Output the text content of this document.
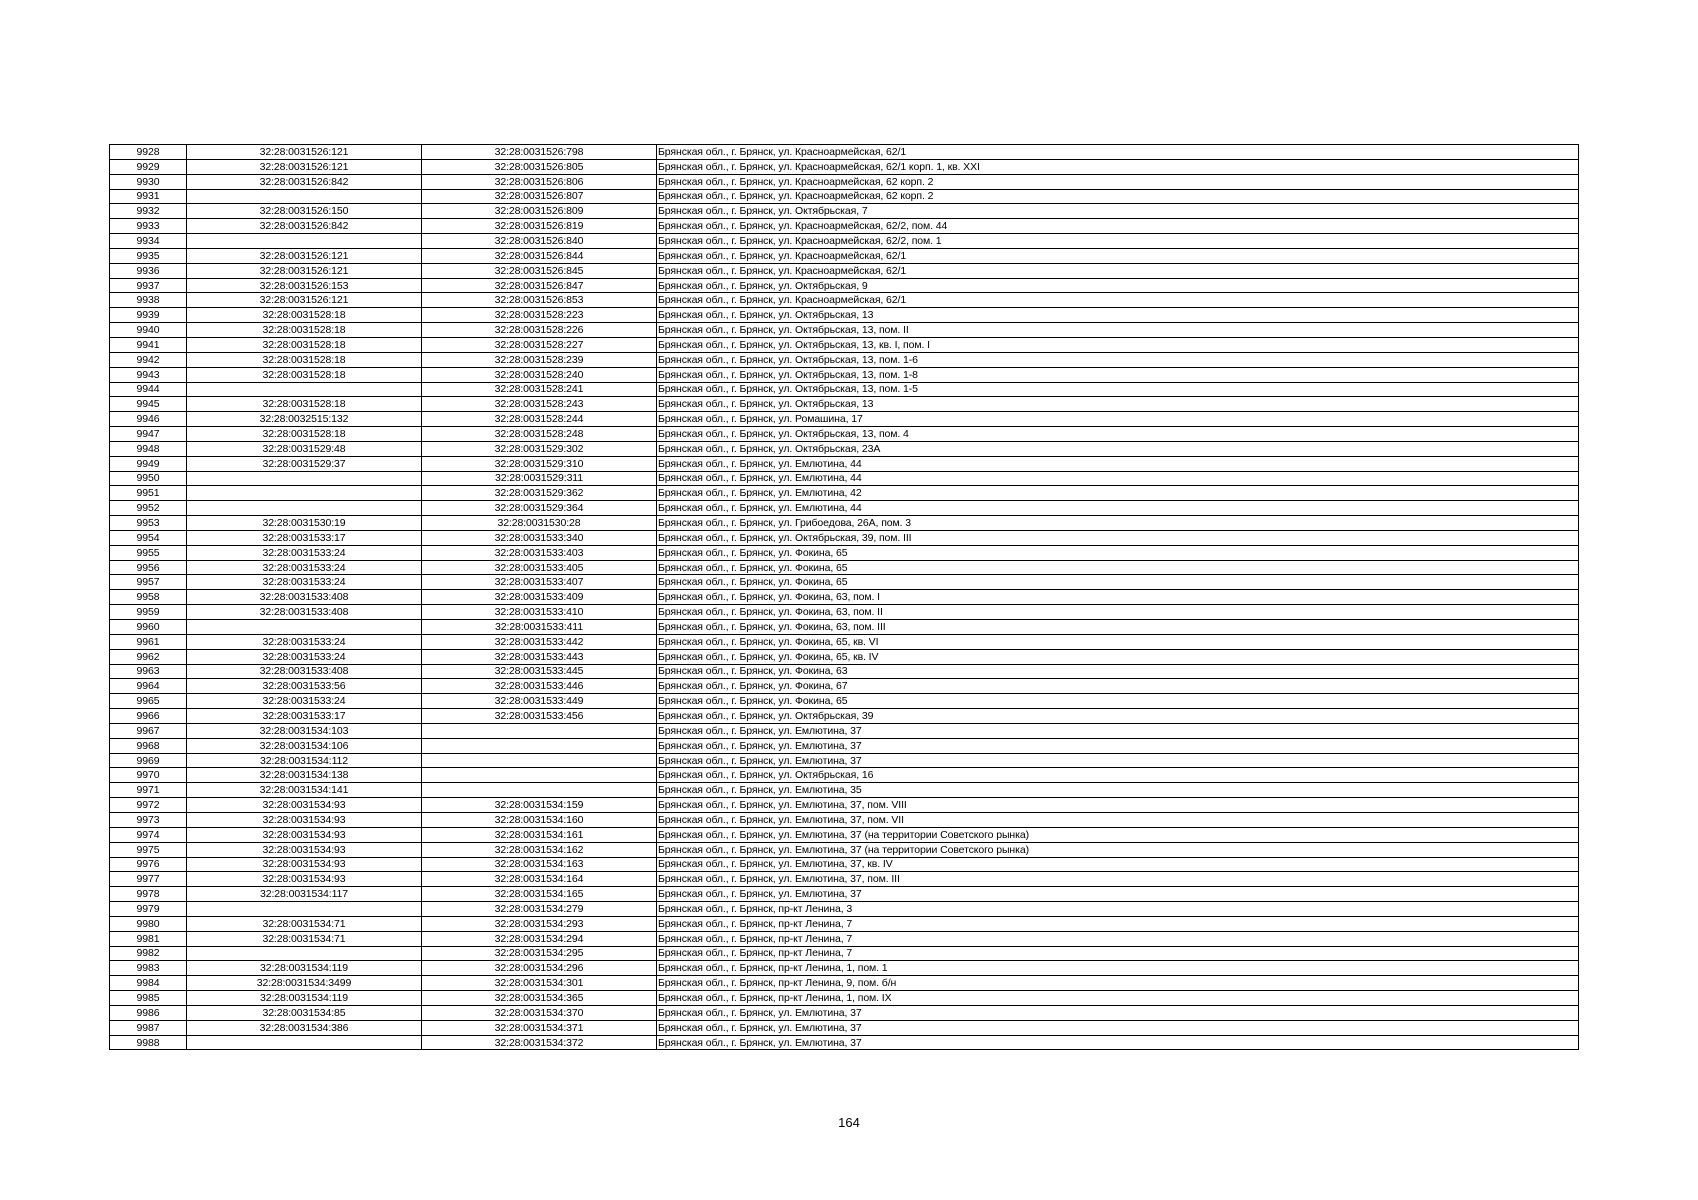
9928	32:28:0031526:121	32:28:0031526:798	Брянская обл., г. Брянск, ул. Красноармейская, 62/1
9929	32:28:0031526:121	32:28:0031526:805	Брянская обл., г. Брянск, ул. Красноармейская, 62/1 корп. 1, кв. XXI
9930	32:28:0031526:842	32:28:0031526:806	Брянская обл., г. Брянск, ул. Красноармейская, 62 корп. 2
9931		32:28:0031526:807	Брянская обл., г. Брянск, ул. Красноармейская, 62 корп. 2
9932	32:28:0031526:150	32:28:0031526:809	Брянская обл., г. Брянск, ул. Октябрьская, 7
9933	32:28:0031526:842	32:28:0031526:819	Брянская обл., г. Брянск, ул. Красноармейская, 62/2, пом. 44
9934		32:28:0031526:840	Брянская обл., г. Брянск, ул. Красноармейская, 62/2, пом. 1
9935	32:28:0031526:121	32:28:0031526:844	Брянская обл., г. Брянск, ул. Красноармейская, 62/1
9936	32:28:0031526:121	32:28:0031526:845	Брянская обл., г. Брянск, ул. Красноармейская, 62/1
9937	32:28:0031526:153	32:28:0031526:847	Брянская обл., г. Брянск, ул. Октябрьская, 9
9938	32:28:0031526:121	32:28:0031526:853	Брянская обл., г. Брянск, ул. Красноармейская, 62/1
9939	32:28:0031528:18	32:28:0031528:223	Брянская обл., г. Брянск, ул. Октябрьская, 13
9940	32:28:0031528:18	32:28:0031528:226	Брянская обл., г. Брянск, ул. Октябрьская, 13, пом. II
9941	32:28:0031528:18	32:28:0031528:227	Брянская обл., г. Брянск, ул. Октябрьская, 13, кв. I, пом. I
9942	32:28:0031528:18	32:28:0031528:239	Брянская обл., г. Брянск, ул. Октябрьская, 13, пом. 1-6
9943	32:28:0031528:18	32:28:0031528:240	Брянская обл., г. Брянск, ул. Октябрьская, 13, пом. 1-8
9944		32:28:0031528:241	Брянская обл., г. Брянск, ул. Октябрьская, 13, пом. 1-5
9945	32:28:0031528:18	32:28:0031528:243	Брянская обл., г. Брянск, ул. Октябрьская, 13
9946	32:28:0032515:132	32:28:0031528:244	Брянская обл., г. Брянск, ул. Ромашина, 17
9947	32:28:0031528:18	32:28:0031528:248	Брянская обл., г. Брянск, ул. Октябрьская, 13, пом. 4
9948	32:28:0031529:48	32:28:0031529:302	Брянская обл., г. Брянск, ул. Октябрьская, 23А
9949	32:28:0031529:37	32:28:0031529:310	Брянская обл., г. Брянск, ул. Емлютина, 44
9950		32:28:0031529:311	Брянская обл., г. Брянск, ул. Емлютина, 44
9951		32:28:0031529:362	Брянская обл., г. Брянск, ул. Емлютина, 42
9952		32:28:0031529:364	Брянская обл., г. Брянск, ул. Емлютина, 44
9953	32:28:0031530:19	32:28:0031530:28	Брянская обл., г. Брянск, ул. Грибоедова, 26А, пом. 3
9954	32:28:0031533:17	32:28:0031533:340	Брянская обл., г. Брянск, ул. Октябрьская, 39, пом. III
9955	32:28:0031533:24	32:28:0031533:403	Брянская обл., г. Брянск, ул. Фокина, 65
9956	32:28:0031533:24	32:28:0031533:405	Брянская обл., г. Брянск, ул. Фокина, 65
9957	32:28:0031533:24	32:28:0031533:407	Брянская обл., г. Брянск, ул. Фокина, 65
9958	32:28:0031533:408	32:28:0031533:409	Брянская обл., г. Брянск, ул. Фокина, 63, пом. I
9959	32:28:0031533:408	32:28:0031533:410	Брянская обл., г. Брянск, ул. Фокина, 63, пом. II
9960		32:28:0031533:411	Брянская обл., г. Брянск, ул. Фокина, 63, пом. III
9961	32:28:0031533:24	32:28:0031533:442	Брянская обл., г. Брянск, ул. Фокина, 65, кв. VI
9962	32:28:0031533:24	32:28:0031533:443	Брянская обл., г. Брянск, ул. Фокина, 65, кв. IV
9963	32:28:0031533:408	32:28:0031533:445	Брянская обл., г. Брянск, ул. Фокина, 63
9964	32:28:0031533:56	32:28:0031533:446	Брянская обл., г. Брянск, ул. Фокина, 67
9965	32:28:0031533:24	32:28:0031533:449	Брянская обл., г. Брянск, ул. Фокина, 65
9966	32:28:0031533:17	32:28:0031533:456	Брянская обл., г. Брянск, ул. Октябрьская, 39
9967	32:28:0031534:103		Брянская обл., г. Брянск, ул. Емлютина, 37
9968	32:28:0031534:106		Брянская обл., г. Брянск, ул. Емлютина, 37
9969	32:28:0031534:112		Брянская обл., г. Брянск, ул. Емлютина, 37
9970	32:28:0031534:138		Брянская обл., г. Брянск, ул. Октябрьская, 16
9971	32:28:0031534:141		Брянская обл., г. Брянск, ул. Емлютина, 35
9972	32:28:0031534:93	32:28:0031534:159	Брянская обл., г. Брянск, ул. Емлютина, 37, пом. VIII
9973	32:28:0031534:93	32:28:0031534:160	Брянская обл., г. Брянск, ул. Емлютина, 37, пом. VII
9974	32:28:0031534:93	32:28:0031534:161	Брянская обл., г. Брянск, ул. Емлютина, 37 (на территории Советского рынка)
9975	32:28:0031534:93	32:28:0031534:162	Брянская обл., г. Брянск, ул. Емлютина, 37 (на территории Советского рынка)
9976	32:28:0031534:93	32:28:0031534:163	Брянская обл., г. Брянск, ул. Емлютина, 37, кв. IV
9977	32:28:0031534:93	32:28:0031534:164	Брянская обл., г. Брянск, ул. Емлютина, 37, пом. III
9978	32:28:0031534:117	32:28:0031534:165	Брянская обл., г. Брянск, ул. Емлютина, 37
9979		32:28:0031534:279	Брянская обл., г. Брянск, пр-кт Ленина, 3
9980	32:28:0031534:71	32:28:0031534:293	Брянская обл., г. Брянск, пр-кт Ленина, 7
9981	32:28:0031534:71	32:28:0031534:294	Брянская обл., г. Брянск, пр-кт Ленина, 7
9982		32:28:0031534:295	Брянская обл., г. Брянск, пр-кт Ленина, 7
9983	32:28:0031534:119	32:28:0031534:296	Брянская обл., г. Брянск, пр-кт Ленина, 1, пом. 1
9984	32:28:0031534:3499	32:28:0031534:301	Брянская обл., г. Брянск, пр-кт Ленина, 9, пом. б/н
9985	32:28:0031534:119	32:28:0031534:365	Брянская обл., г. Брянск, пр-кт Ленина, 1, пом. IX
9986	32:28:0031534:85	32:28:0031534:370	Брянская обл., г. Брянск, ул. Емлютина, 37
9987	32:28:0031534:386	32:28:0031534:371	Брянская обл., г. Брянск, ул. Емлютина, 37
9988		32:28:0031534:372	Брянская обл., г. Брянск, ул. Емлютина, 37
164
